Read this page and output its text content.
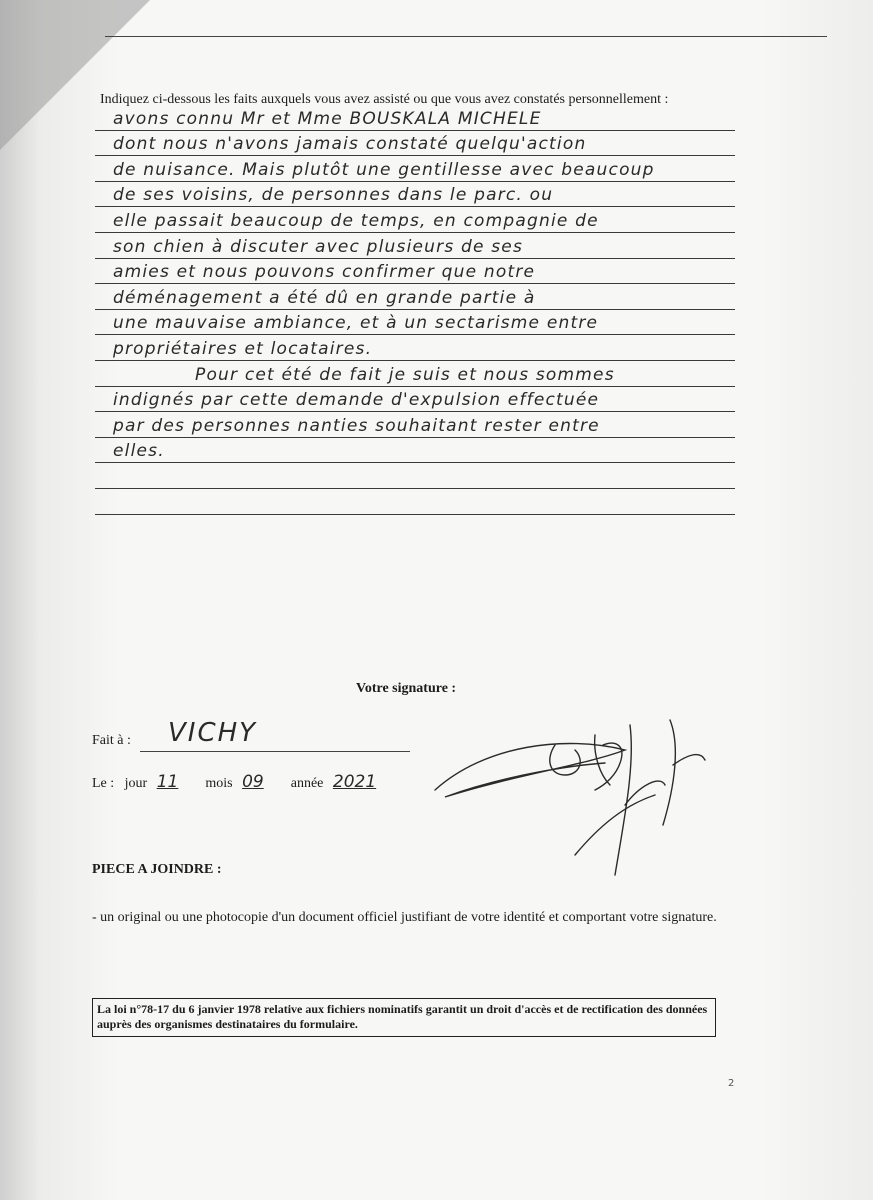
Indiquez ci-dessous les faits auxquels vous avez assisté ou que vous avez constatés personnellement :
avons connu Mr et Mme BOUSKALA MICHELE
dont nous n'avons jamais constaté quelqu'action
de nuisance. Mais plutôt une gentillesse avec beaucoup
de ses voisins, de personnes dans le parc. ou
elle passait beaucoup de temps, en compagnie de
son chien à discuter avec plusieurs de ses
amies et nous pouvons confirmer que notre
déménagement a été dû en grande partie à
une mauvaise ambiance, et à un sectarisme entre
propriétaires et locataires.
Pour cet été de fait je suis et nous sommes
indignés par cette demande d'expulsion effectuée
par des personnes nanties souhaitant rester entre
elles.
Votre signature :
Fait à : VICHY
Le : jour 11 mois 09 année 2021
PIECE A JOINDRE :
- un original ou une photocopie d'un document officiel justifiant de votre identité et comportant votre signature.
La loi n°78-17 du 6 janvier 1978 relative aux fichiers nominatifs garantit un droit d'accès et de rectification des données auprès des organismes destinataires du formulaire.
2
